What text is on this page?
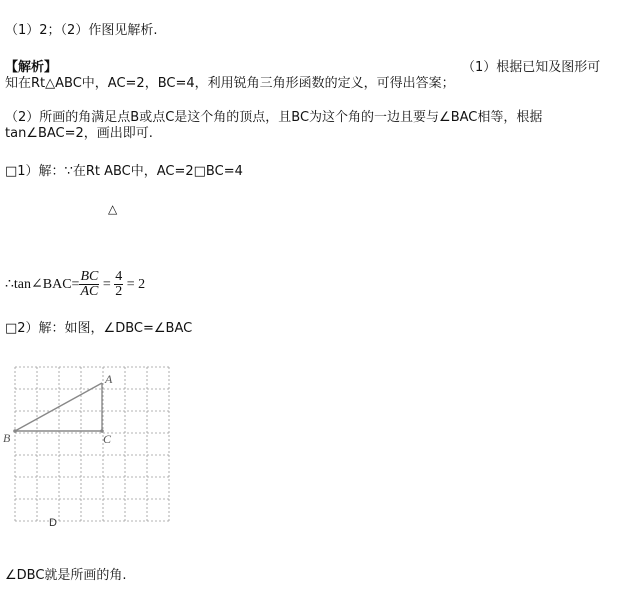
（1）2；（2）作图见解析.
【解析】	（1）根据已知及图形可
知在Rt△ABC中，AC=2，BC=4，利用锐角三角形函数的定义，可得出答案；
（2）所画的角满足点B或点C是这个角的顶点，且BC为这个角的一边且要与∠BAC相等，根据
tan∠BAC=2，画出即可.
□1）解：∵在Rt ABC中，AC=2□BC=4
△
∴tan∠BAC= $\frac{BC}{AC} = \frac{4}{2} = 2$
□2）解：如图，∠DBC=∠BAC
A
B	C
D
∠DBC就是所画的角.
